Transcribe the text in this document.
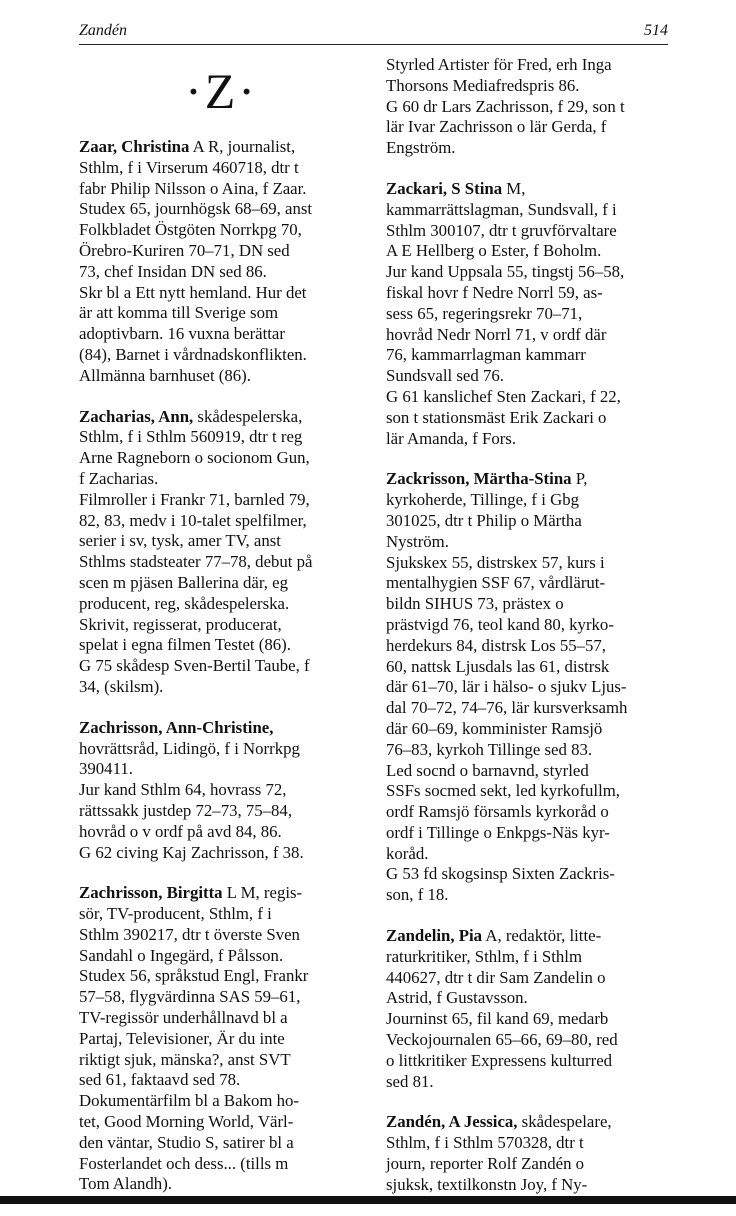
Zandén	514
·Z·
Zaar, Christina A R, journalist,
Sthlm, f i Virserum 460718, dtr t
fabr Philip Nilsson o Aina, f Zaar.
Studex 65, journhögsk 68–69, anst
Folkbladet Östgöten Norrkpg 70,
Örebro-Kuriren 70–71, DN sed
73, chef Insidan DN sed 86.
Skr bl a Ett nytt hemland. Hur det
är att komma till Sverige som
adoptivbarn. 16 vuxna berättar
(84), Barnet i vårdnadskonflikten.
Allmänna barnhuset (86).
Zacharias, Ann, skådespelerska,
Sthlm, f i Sthlm 560919, dtr t reg
Arne Ragneborn o socionom Gun,
f Zacharias.
Filmroller i Frankr 71, barnled 79,
82, 83, medv i 10-talet spelfilmer,
serier i sv, tysk, amer TV, anst
Sthlms stadsteater 77–78, debut på
scen m pjäsen Ballerina där, eg
producent, reg, skådespelerska.
Skrivit, regisserat, producerat,
spelat i egna filmen Testet (86).
G 75 skådesp Sven-Bertil Taube, f
34, (skilsm).
Zachrisson, Ann-Christine,
hovrättsråd, Lidingö, f i Norrkpg
390411.
Jur kand Sthlm 64, hovrass 72,
rättssakk justdep 72–73, 75–84,
hovråd o v ordf på avd 84, 86.
G 62 civing Kaj Zachrisson, f 38.
Zachrisson, Birgitta L M, regis-
sör, TV-producent, Sthlm, f i
Sthlm 390217, dtr t överste Sven
Sandahl o Ingegärd, f Pålsson.
Studex 56, språkstud Engl, Frankr
57–58, flygvärdinna SAS 59–61,
TV-regissör underhållnavd bl a
Partaj, Televisioner, Är du inte
riktigt sjuk, mänska?, anst SVT
sed 61, faktaavd sed 78.
Dokumentärfilm bl a Bakom ho-
tet, Good Morning World, Värl-
den väntar, Studio S, satirer bl a
Fosterlandet och dess... (tills m
Tom Alandh).
Styrled Artister för Fred, erh Inga
Thorsons Mediafredspris 86.
G 60 dr Lars Zachrisson, f 29, son t
lär Ivar Zachrisson o lär Gerda, f
Engström.
Zackari, S Stina M,
kammarrättslagman, Sundsvall, f i
Sthlm 300107, dtr t gruvförvaltare
A E Hellberg o Ester, f Boholm.
Jur kand Uppsala 55, tingstj 56–58,
fiskal hovr f Nedre Norrl 59, as-
sess 65, regeringsrekr 70–71,
hovråd Nedr Norrl 71, v ordf där
76, kammarrlagman kammarr
Sundsvall sed 76.
G 61 kanslichef Sten Zackari, f 22,
son t stationsmäst Erik Zackari o
lär Amanda, f Fors.
Zackrisson, Märtha-Stina P,
kyrkoherde, Tillinge, f i Gbg
301025, dtr t Philip o Märtha
Nyström.
Sjukskex 55, distrskex 57, kurs i
mentalhygien SSF 67, vårdlärut-
bildn SIHUS 73, prästex o
prästvigd 76, teol kand 80, kyrko-
herdekurs 84, distrsk Los 55–57,
60, nattsk Ljusdals las 61, distrsk
där 61–70, lär i hälso- o sjukv Ljus-
dal 70–72, 74–76, lär kursverksamh
där 60–69, komminister Ramsjö
76–83, kyrkoh Tillinge sed 83.
Led socnd o barnavnd, styrled
SSFs socmed sekt, led kyrkofullm,
ordf Ramsjö församls kyrkoråd o
ordf i Tillinge o Enkpgs-Näs kyr-
koråd.
G 53 fd skogsinsp Sixten Zackris-
son, f 18.
Zandelin, Pia A, redaktör, litte-
raturkritiker, Sthlm, f i Sthlm
440627, dtr t dir Sam Zandelin o
Astrid, f Gustavsson.
Journinst 65, fil kand 69, medarb
Veckojournalen 65–66, 69–80, red
o littkritiker Expressens kulturred
sed 81.
Zandén, A Jessica, skådespelare,
Sthlm, f i Sthlm 570328, dtr t
journ, reporter Rolf Zandén o
sjuksk, textilkonstn Joy, f Ny-
